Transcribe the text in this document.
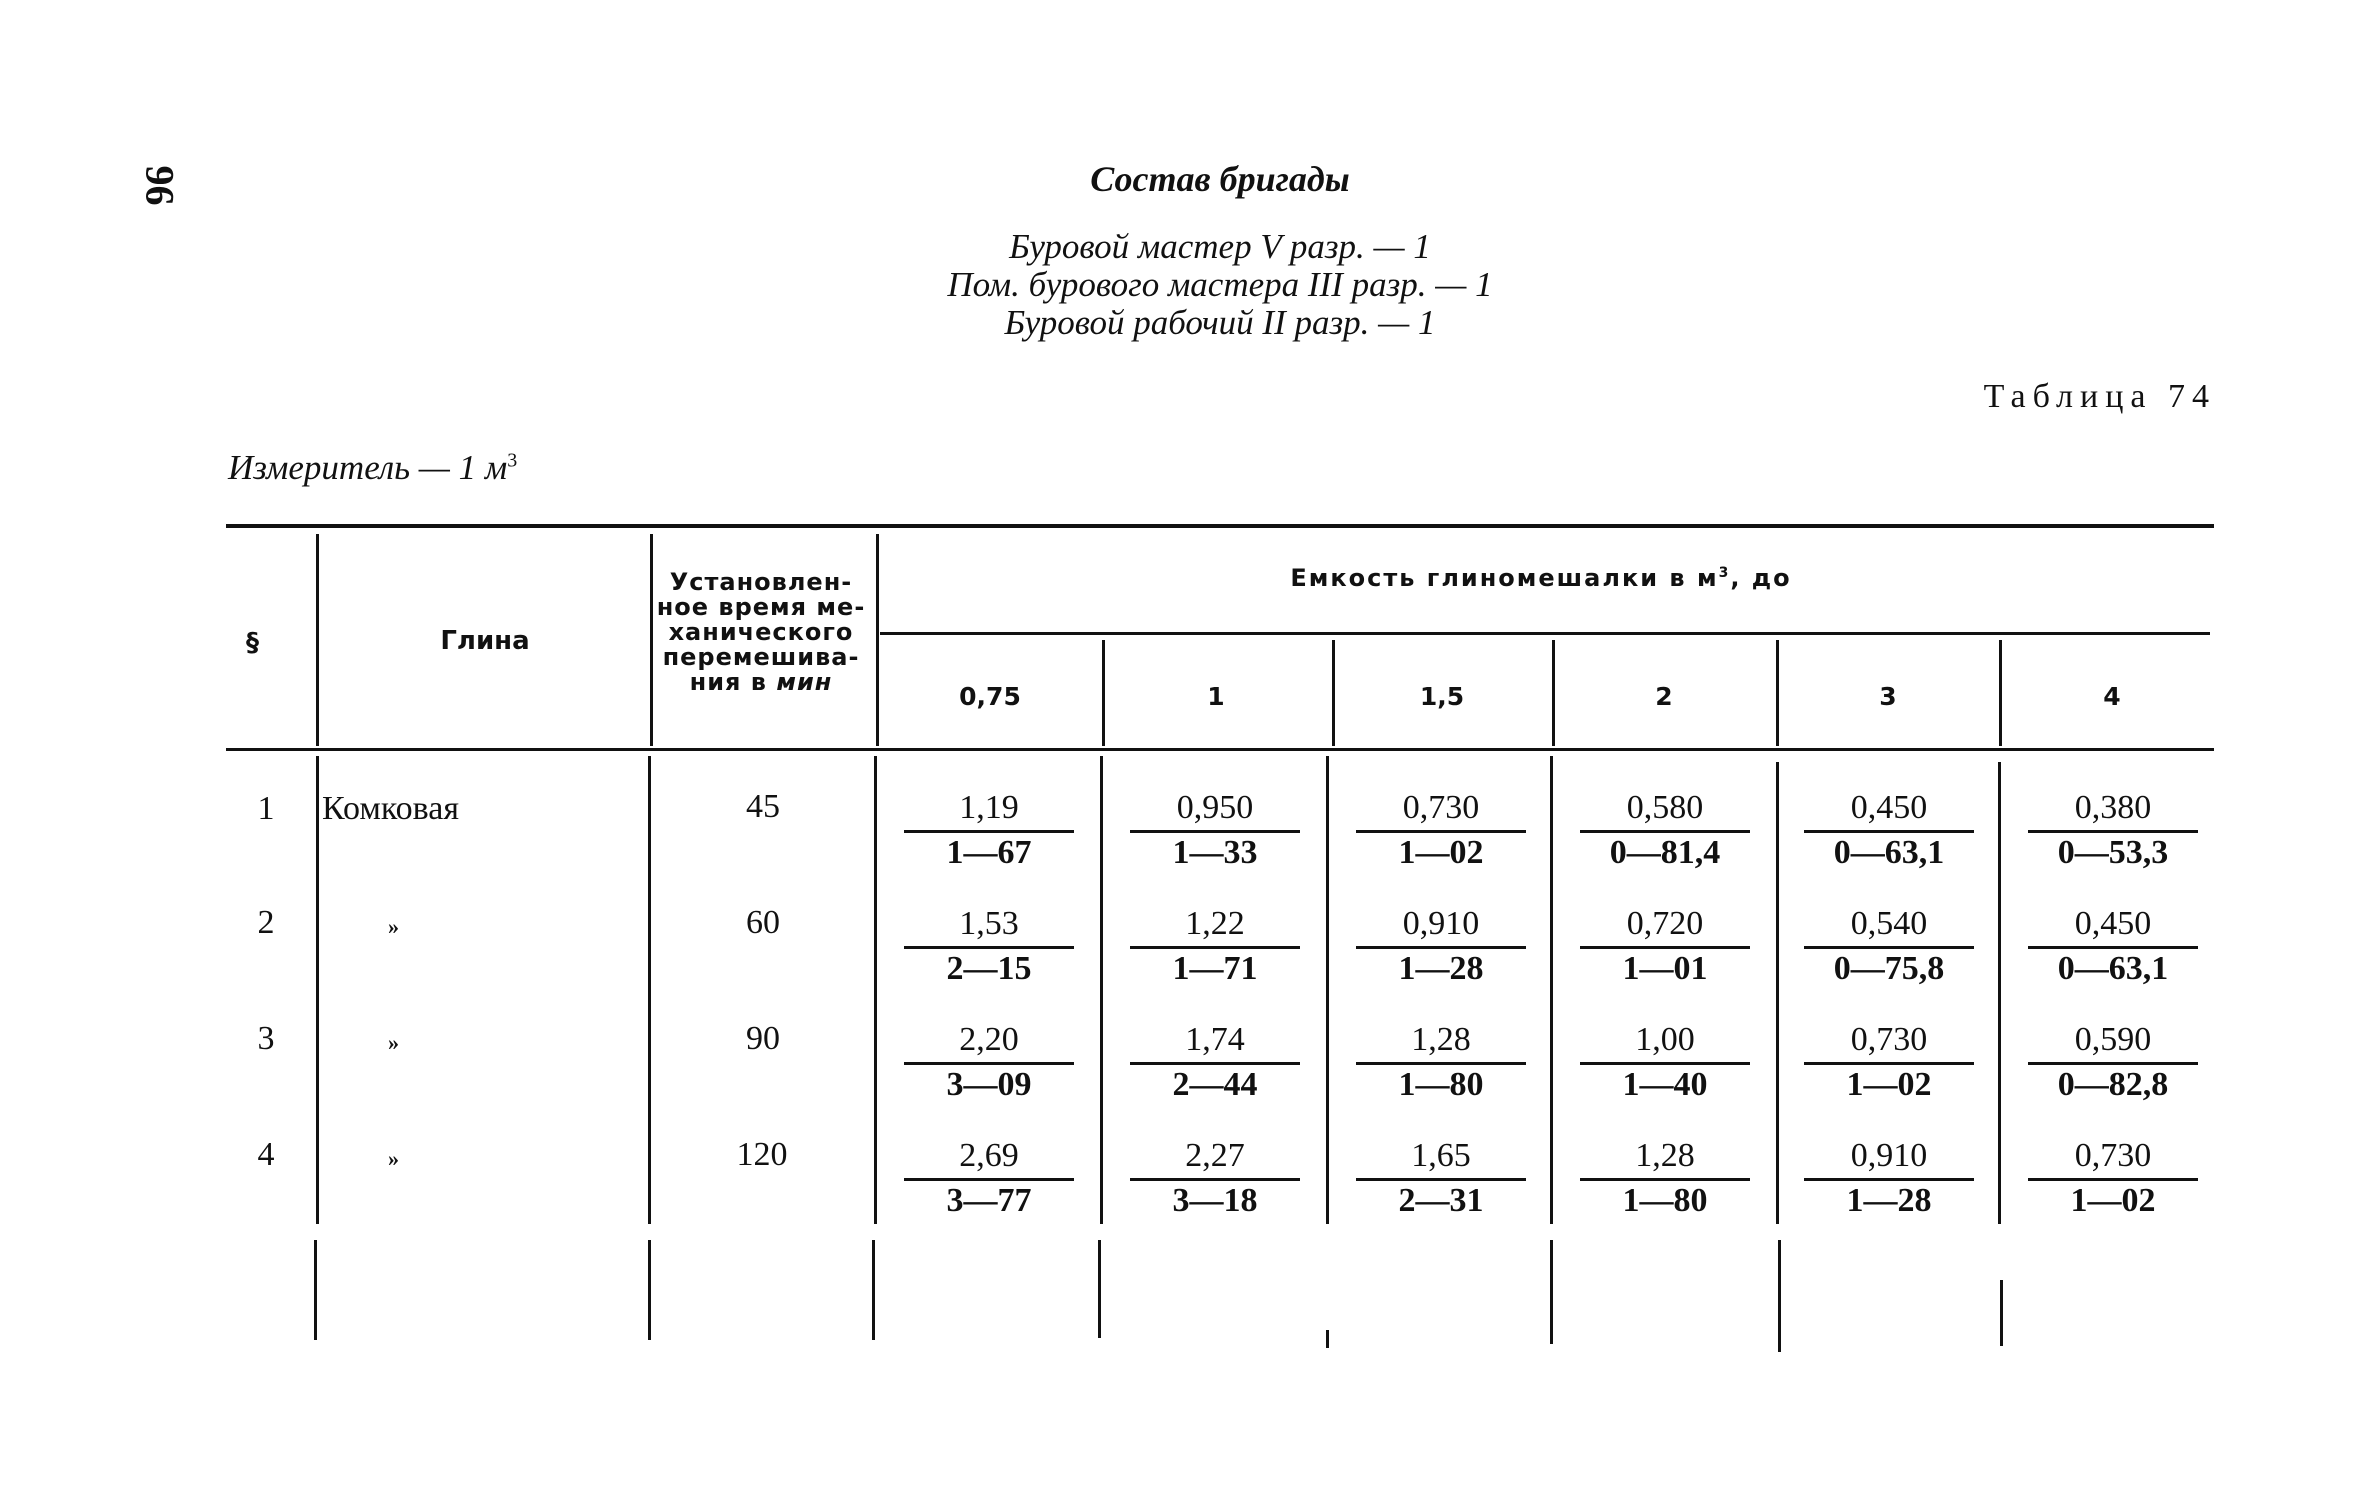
96	Состав бригады
Буровой мастер V разр. — 1
Пом. бурового мастера III разр. — 1
Буровой рабочий II разр. — 1
Таблица 74
Измеритель — 1 $м^3$
§	Глина
Установлен-
ное время ме-
ханического
перемешива-
ния в мин
Емкость глиномешалки в $м^3$, до
0,75	1	1,5	2	3	4
1	Комковая	45	$\frac{1,19}{1—67} \frac{0,950}{1—33} \frac{0,730}{1—02} \frac{0,580}{0—81,4} \frac{0,450}{0—63,1} \frac{0,380}{0—53,3}$
2	»	60	$\frac{1,53}{2—15} \frac{1,22}{1—71} \frac{0,910}{1—28} \frac{0,720}{1—01} \frac{0,540}{0—75,8} \frac{0,450}{0—63,1}$
3	»	90	$\frac{2,20}{3—09} \frac{1,74}{2—44} \frac{1,28}{1—80} \frac{1,00}{1—40} \frac{0,730}{1—02} \frac{0,590}{0—82,8}$
4	»	120	$\frac{2,69}{3—77} \frac{2,27}{3—18} \frac{1,65}{2—31} \frac{1,28}{1—80} \frac{0,910}{1—28} \frac{0,730}{1—02}$
